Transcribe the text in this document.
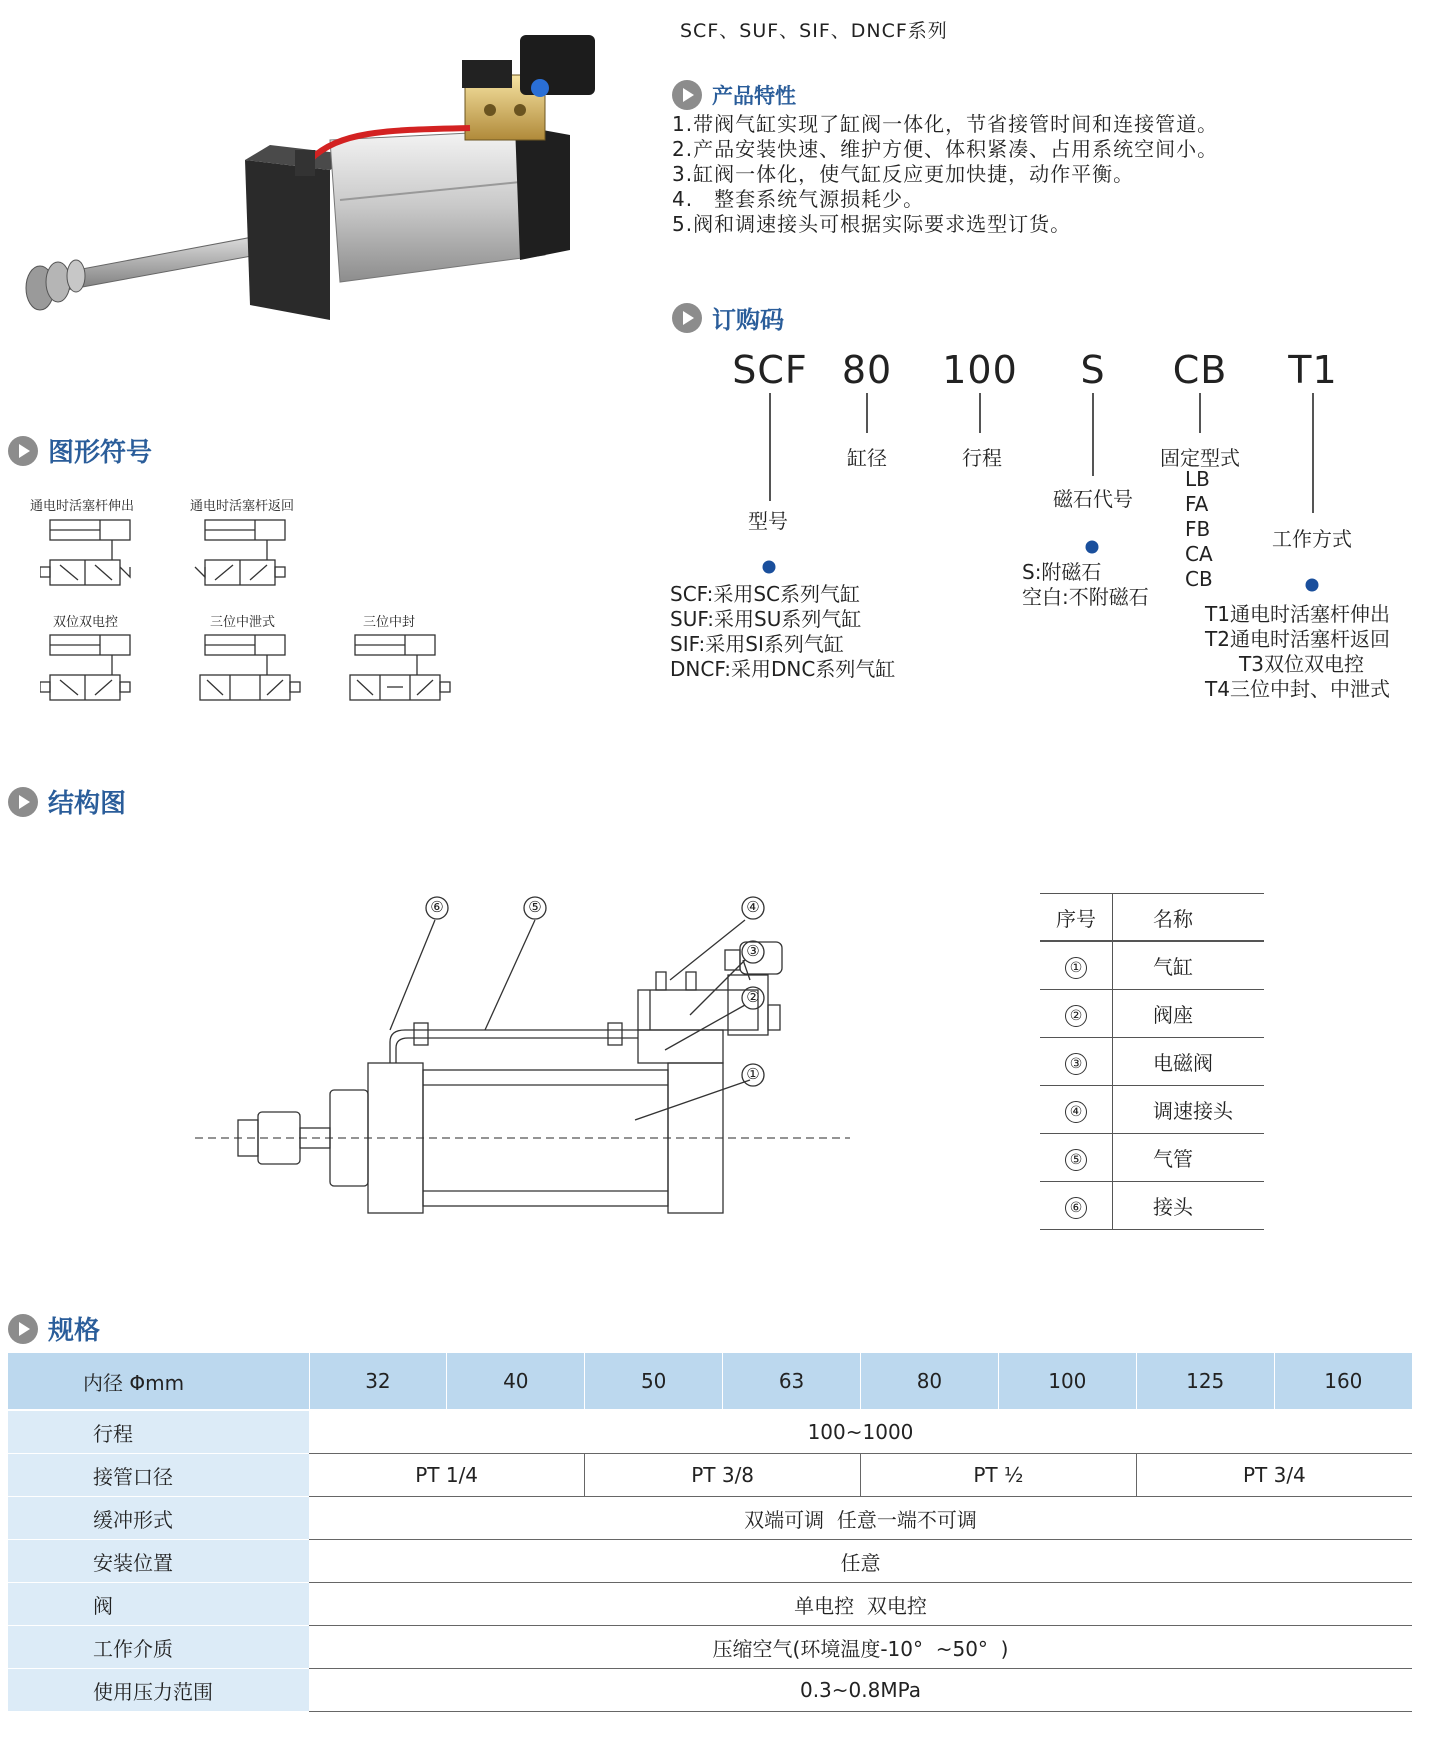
SCF、SUF、SIF、DNCF系列
产品特性
1.带阀气缸实现了缸阀一体化，节省接管时间和连接管道。
2.产品安装快速、维护方便、体积紧凑、占用系统空间小。
3.缸阀一体化，使气缸反应更加快捷，动作平衡。
4.　整套系统气源损耗少。
5.阀和调速接头可根据实际要求选型订货。
订购码
SCF 80 100 S CB T1
缸径	行程	固定型式
磁石代号
型号
工作方式
SCF:采用SC系列气缸
SUF:采用SU系列气缸
SIF:采用SI系列气缸
DNCF:采用DNC系列气缸
S:附磁石
空白:不附磁石
LB
FA
FB
CA
CB
T1通电时活塞杆伸出
T2通电时活塞杆返回
T3双位双电控
T4三位中封、中泄式
图形符号
通电时活塞杆伸出	通电时活塞杆返回
双位双电控	三位中泄式	三位中封
结构图
⑥	⑤	④
③
②
①
序号	名称
①	气缸
②	阀座
③	电磁阀
④	调速接头
⑤	气管
⑥	接头
规格
内径 Φmm	32	40	50	63	80	100	125	160
行程	100~1000							
接管口径	PT 1/4		PT 3/8		PT ½		PT 3/4	
缓冲形式	双端可调  任意一端不可调							
安装位置	任意							
阀	单电控  双电控							
工作介质	压缩空气(环境温度-10°  ~50°  )							
使用压力范围	0.3~0.8MPa							
